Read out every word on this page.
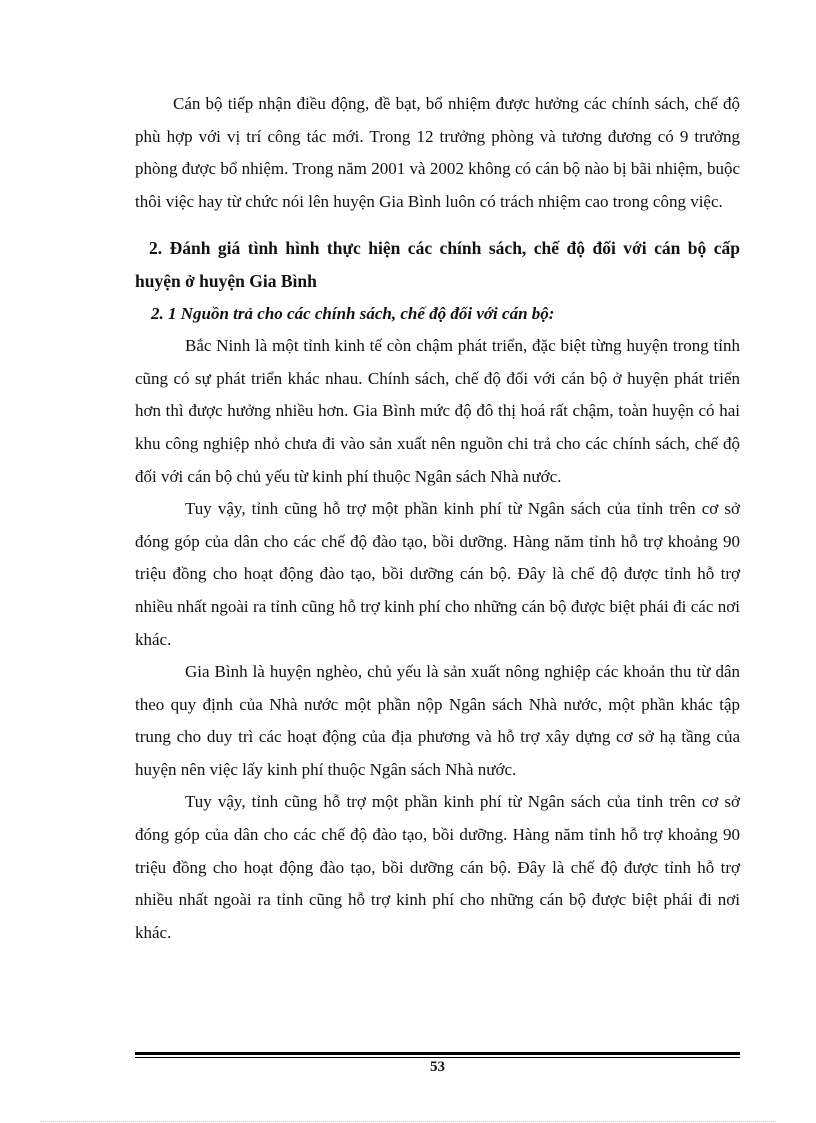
Cán bộ tiếp nhận điều động, đề bạt, bổ nhiệm được hưởng các chính sách, chế độ phù hợp với vị trí công tác mới. Trong 12 trưởng phòng và tương đương có 9 trưởng phòng được bổ nhiệm. Trong năm 2001 và 2002 không có cán bộ nào bị bãi nhiệm, buộc thôi việc hay từ chức nói lên huyện Gia Bình luôn có trách nhiệm cao trong công việc.

2. Đánh giá tình hình thực hiện các chính sách, chế độ đối với cán bộ cấp huyện ở huyện Gia Bình

2. 1 Nguồn trả cho các chính sách, chế độ đối với cán bộ:

Bắc Ninh là một tỉnh kinh tế còn chậm phát triển, đặc biệt từng huyện trong tỉnh cũng có sự phát triển khác nhau. Chính sách, chế độ đối với cán bộ ở huyện phát triển hơn thì được hưởng nhiều hơn. Gia Bình mức độ đô thị hoá rất chậm, toàn huyện có hai khu công nghiệp nhỏ chưa đi vào sản xuất nên nguồn chi trả cho các chính sách, chế độ đối với cán bộ chủ yếu từ kinh phí thuộc Ngân sách Nhà nước.

Tuy vậy, tỉnh cũng hỗ trợ một phần kinh phí từ Ngân sách của tỉnh trên cơ sở đóng góp của dân cho các chế độ đào tạo, bồi dưỡng. Hàng năm tỉnh hỗ trợ khoảng 90 triệu đồng cho hoạt động đào tạo, bồi dưỡng cán bộ. Đây là chế độ được tỉnh hỗ trợ nhiều nhất ngoài ra tỉnh cũng hỗ trợ kinh phí cho những cán bộ được biệt phái đi các nơi khác.

Gia Bình là huyện nghèo, chủ yếu là sản xuất nông nghiệp các khoản thu từ dân theo quy định của Nhà nước một phần nộp Ngân sách Nhà nước, một phần khác tập trung cho duy trì các hoạt động của địa phương và hỗ trợ xây dựng cơ sở hạ tầng của huyện nên việc lấy kinh phí thuộc Ngân sách Nhà nước.

Tuy vậy, tỉnh cũng hỗ trợ một phần kinh phí từ Ngân sách của tỉnh trên cơ sở đóng góp của dân cho các chế độ đào tạo, bồi dưỡng. Hàng năm tỉnh hỗ trợ khoảng 90 triệu đồng cho hoạt động đào tạo, bồi dưỡng cán bộ. Đây là chế độ được tỉnh hỗ trợ nhiều nhất ngoài ra tỉnh cũng hỗ trợ kinh phí cho những cán bộ được biệt phái đi nơi khác.

53
